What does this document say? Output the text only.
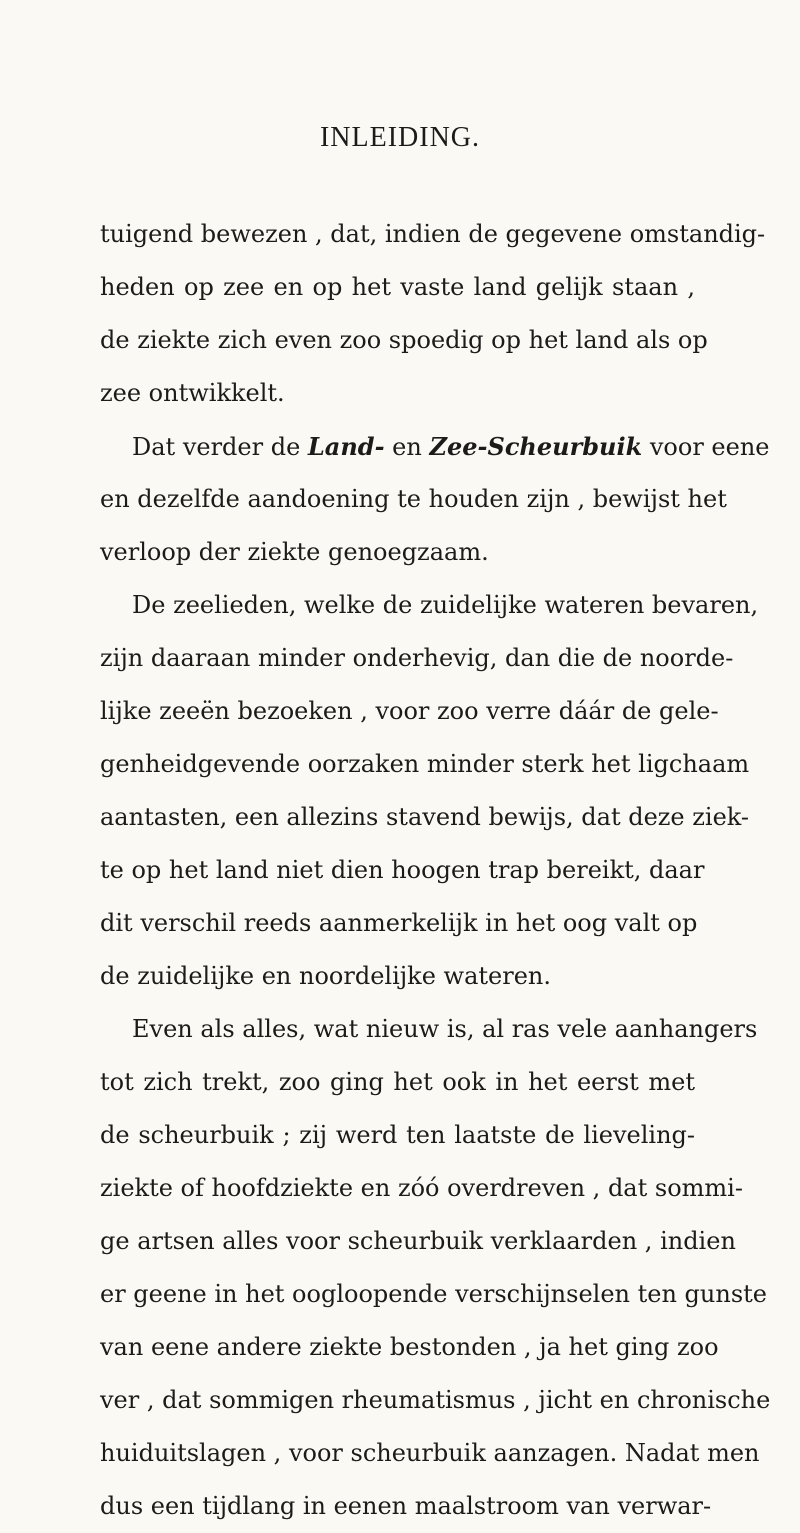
INLEIDING.
tuigend bewezen , dat, indien de gegevene omstandig-
heden op zee en op het vaste land gelijk staan ,
de ziekte zich even zoo spoedig op het land als op
zee ontwikkelt.
Dat verder de Land- en Zee-Scheurbuik voor eene
en dezelfde aandoening te houden zijn , bewijst het
verloop der ziekte genoegzaam.
De zeelieden, welke de zuidelijke wateren bevaren,
zijn daaraan minder onderhevig, dan die de noorde-
lijke zeeën bezoeken , voor zoo verre dáár de gele-
genheidgevende oorzaken minder sterk het ligchaam
aantasten, een allezins stavend bewijs, dat deze ziek-
te op het land niet dien hoogen trap bereikt, daar
dit verschil reeds aanmerkelijk in het oog valt op
de zuidelijke en noordelijke wateren.
Even als alles, wat nieuw is, al ras vele aanhangers
tot zich trekt, zoo ging het ook in het eerst met
de scheurbuik ; zij werd ten laatste de lieveling-
ziekte of hoofdziekte en zóó overdreven , dat sommi-
ge artsen alles voor scheurbuik verklaarden , indien
er geene in het oogloopende verschijnselen ten gunste
van eene andere ziekte bestonden , ja het ging zoo
ver , dat sommigen rheumatismus , jicht en chronische
huiduitslagen , voor scheurbuik aanzagen. Nadat men
dus een tijdlang in eenen maalstroom van verwar-
